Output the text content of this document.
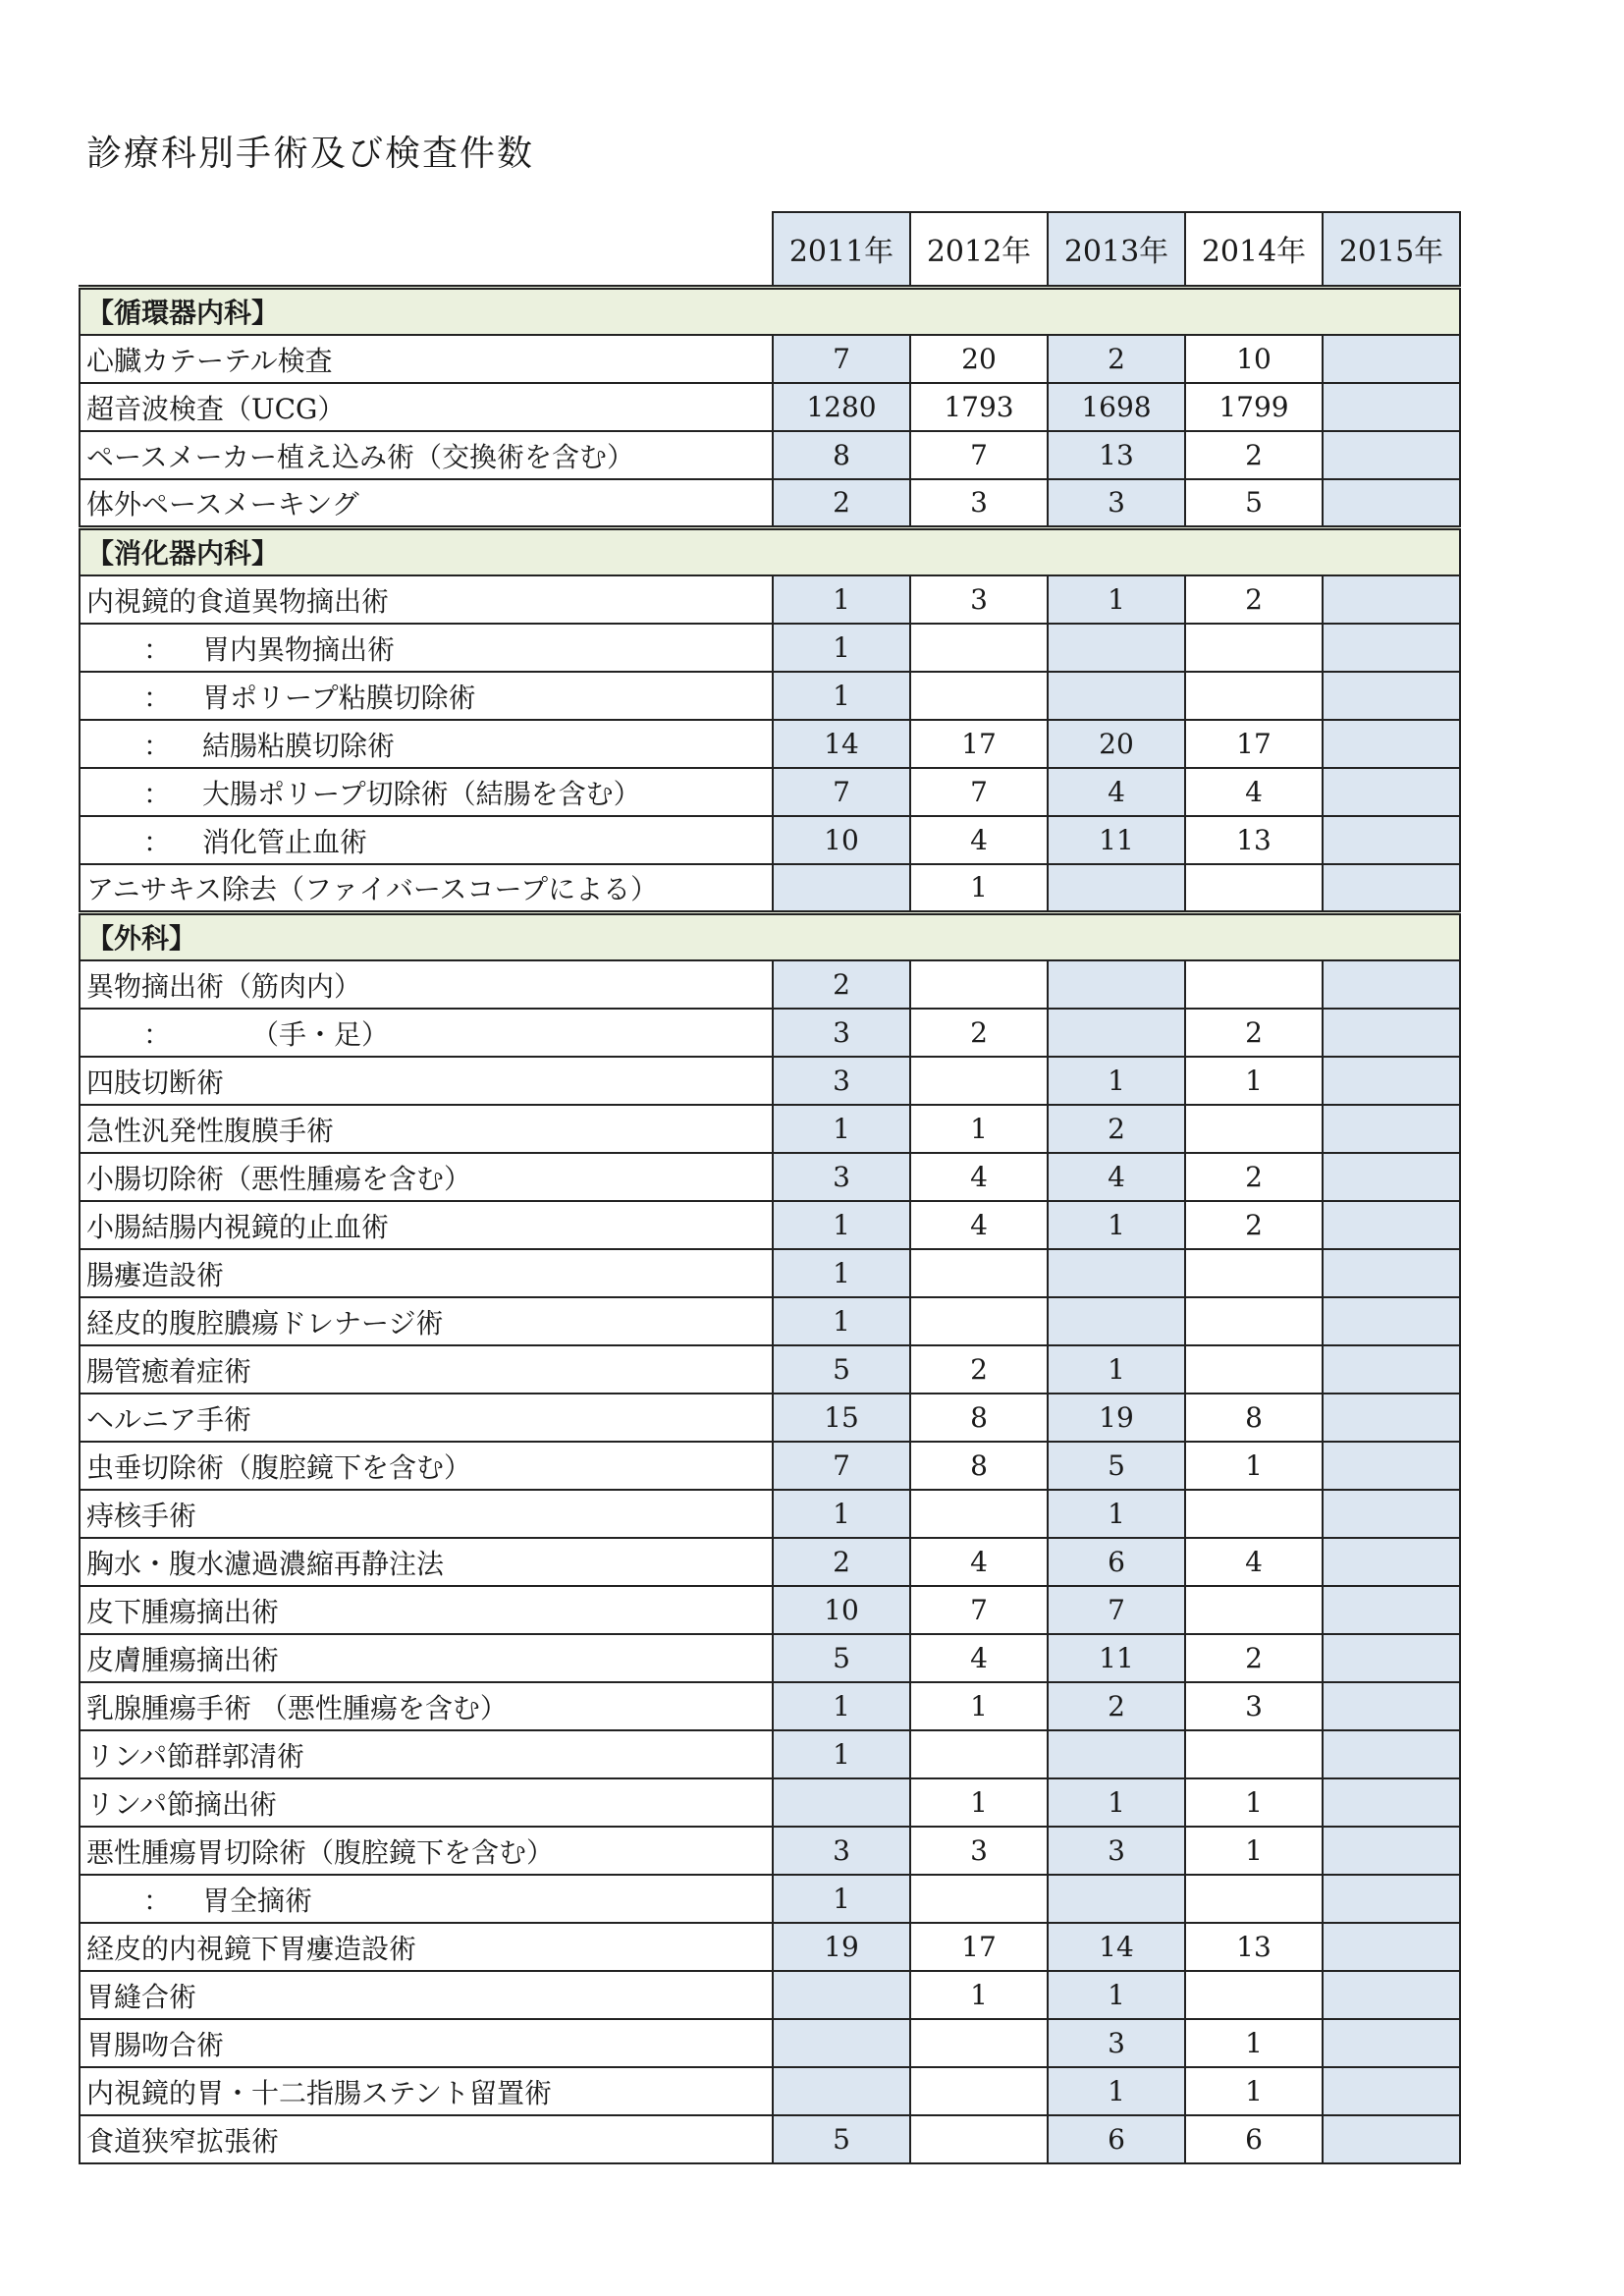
診療科別手術及び検査件数
	2011年	2012年	2013年	2014年	2015年
【循環器内科】					
心臓カテーテル検査	7	20	2	10	
超音波検査（UCG）	1280	1793	1698	1799	
ペースメーカー植え込み術（交換術を含む）	8	7	13	2	
体外ペースメーキング	2	3	3	5	
【消化器内科】					
内視鏡的食道異物摘出術	1	3	1	2	
： 胃内異物摘出術	1				
： 胃ポリープ粘膜切除術	1				
： 結腸粘膜切除術	14	17	20	17	
： 大腸ポリープ切除術（結腸を含む）	7	7	4	4	
： 消化管止血術	10	4	11	13	
アニサキス除去（ファイバースコープによる）		1			
【外科】					
異物摘出術（筋肉内）	2				
： （手・足）	3	2		2	
四肢切断術	3		1	1	
急性汎発性腹膜手術	1	1	2		
小腸切除術（悪性腫瘍を含む）	3	4	4	2	
小腸結腸内視鏡的止血術	1	4	1	2	
腸瘻造設術	1				
経皮的腹腔膿瘍ドレナージ術	1				
腸管癒着症術	5	2	1		
ヘルニア手術	15	8	19	8	
虫垂切除術（腹腔鏡下を含む）	7	8	5	1	
痔核手術	1		1		
胸水・腹水濾過濃縮再静注法	2	4	6	4	
皮下腫瘍摘出術	10	7	7		
皮膚腫瘍摘出術	5	4	11	2	
乳腺腫瘍手術 （悪性腫瘍を含む）	1	1	2	3	
リンパ節群郭清術	1				
リンパ節摘出術		1	1	1	
悪性腫瘍胃切除術（腹腔鏡下を含む）	3	3	3	1	
： 胃全摘術	1				
経皮的内視鏡下胃瘻造設術	19	17	14	13	
胃縫合術		1	1		
胃腸吻合術			3	1	
内視鏡的胃・十二指腸ステント留置術			1	1	
食道狭窄拡張術	5		6	6	
